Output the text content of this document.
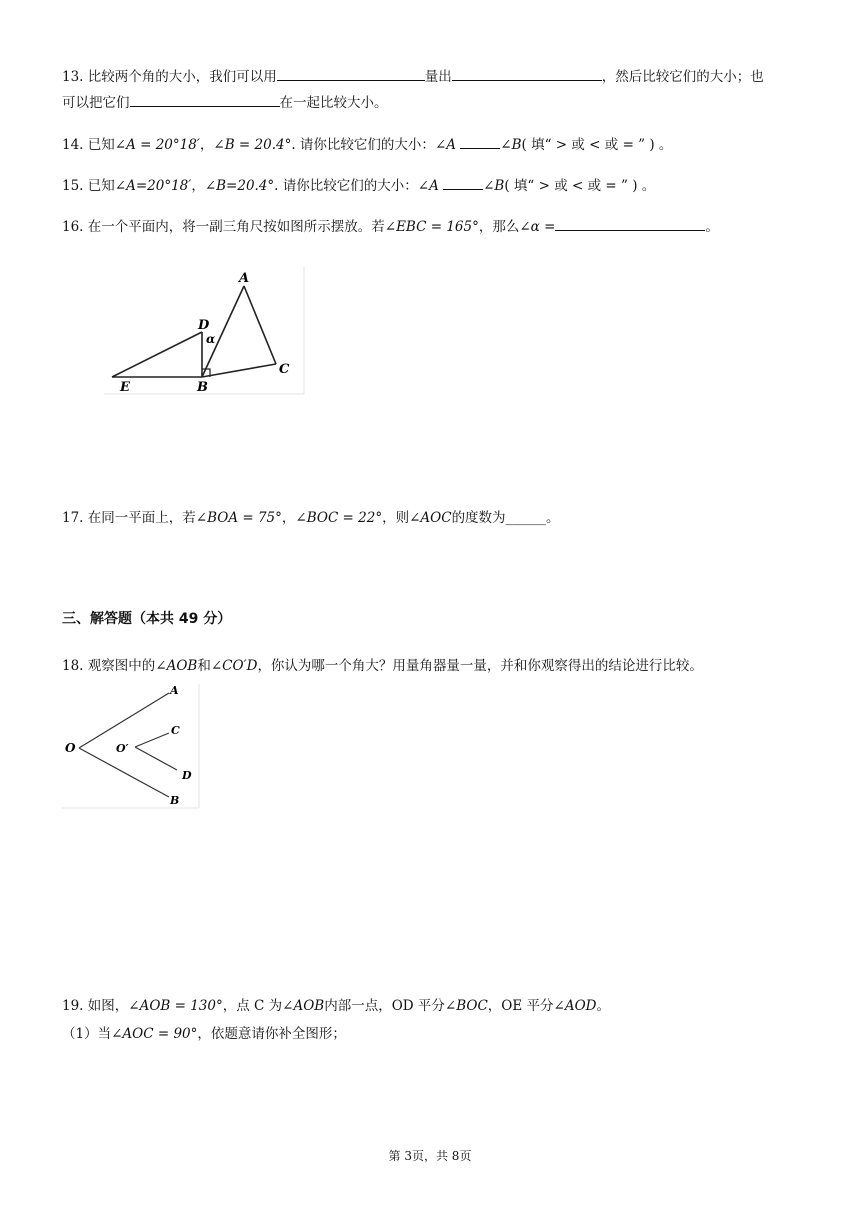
13. 比较两个角的大小，我们可以用	量出	，然后比较它们的大小；也
可以把它们	在一起比较大小。
14. 已知∠A = 20°18′，∠B = 20.4°. 请你比较它们的大小：∠A	∠B( 填“ > 或 < 或 = ” ) 。
15. 已知∠A=20°18′，∠B=20.4°. 请你比较它们的大小：∠A	∠B( 填“ > 或 < 或 = ” ) 。
16. 在一个平面内，将一副三角尺按如图所示摆放。若∠EBC = 165°，那么∠α =	。
A
D
α
E	B
C
17. 在同一平面上，若∠BOA = 75°，∠BOC = 22°，则∠AOC的度数为______。
三、解答题（本共 49 分）
18. 观察图中的∠AOB和∠CO′D，你认为哪一个角大？用量角器量一量，并和你观察得出的结论进行比较。
O	O′
A
B
C
D
19. 如图，∠AOB = 130°，点 C 为∠AOB内部一点，OD 平分∠BOC，OE 平分∠AOD。
（1）当∠AOC = 90°，依题意请你补全图形；
第 3页，共 8页
